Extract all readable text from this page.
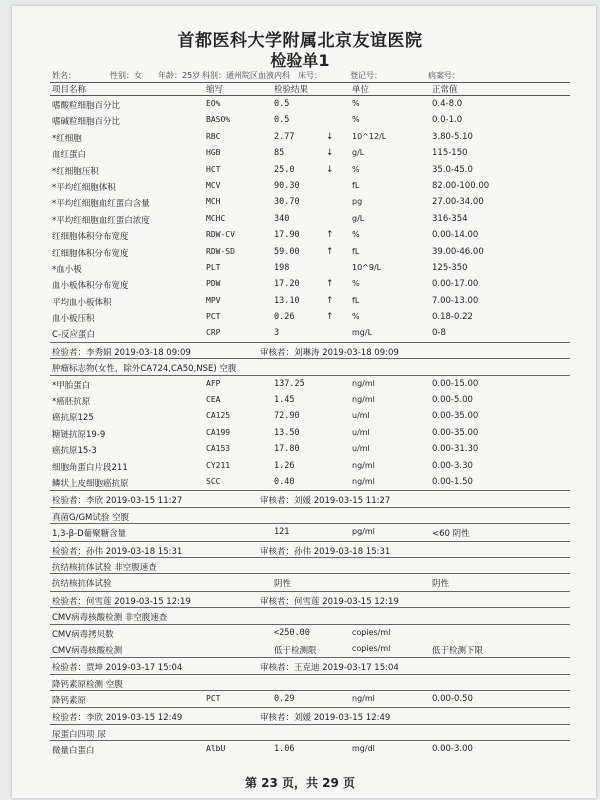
首都医科大学附属北京友谊医院
检验单1
姓名：	性别：女 年龄：25岁 科别：通州院区血液内科 床号：	登记号：	病案号：
项目名称	缩写	检验结果	单位	正常值
嗜酸粒细胞百分比	EO%	0.5	%	0.4-8.0
嗜碱粒细胞百分比	BASO%	0.5	%	0.0-1.0
*红细胞	RBC	2.77	↓ 10^12/L	3.80-5.10
血红蛋白	HGB	85	↓ g/L	115-150
*红细胞压积	HCT	25.0	↓ %	35.0-45.0
*平均红细胞体积	MCV	90.30	fL	82.00-100.00
*平均红细胞血红蛋白含量	MCH	30.70	pg	27.00-34.00
*平均红细胞血红蛋白浓度	MCHC	340	g/L	316-354
红细胞体积分布宽度	RDW-CV	17.90	↑ %	0.00-14.00
红细胞体积分布宽度	RDW-SD	59.00	↑ fL	39.00-46.00
*血小板	PLT	198	10^9/L	125-350
血小板体积分布宽度	PDW	17.20	↑ %	0.00-17.00
平均血小板体积	MPV	13.10	↑ fL	7.00-13.00
血小板压积	PCT	0.26	↑ %	0.18-0.22
C-反应蛋白	CRP	3	mg/L	0-8
检验者：李秀娟 2019-03-18 09:09	审核者：刘琳涛 2019-03-18 09:09
肿瘤标志物(女性，除外CA724,CA50,NSE) 空腹
*甲胎蛋白	AFP	137.25	ng/ml	0.00-15.00
*癌胚抗原	CEA	1.45	ng/ml	0.00-5.00
癌抗原125	CA125	72.90	u/ml	0.00-35.00
糖链抗原19-9	CA199	13.50	u/ml	0.00-35.00
癌抗原15-3	CA153	17.80	u/ml	0.00-31.30
细胞角蛋白片段211	CY211	1.26	ng/ml	0.00-3.30
鳞状上皮细胞癌抗原	SCC	0.40	ng/ml	0.00-1.50
检验者：李欣 2019-03-15 11:27	审核者：刘媛 2019-03-15 11:27
真菌G/GM试验 空腹
1,3-β-D葡聚糖含量	121	pg/ml	<60 阴性
检验者：孙伟 2019-03-18 15:31	审核者：孙伟 2019-03-18 15:31
抗结核抗体试验 非空腹速查
抗结核抗体试验	阴性	阴性
检验者：何雪莲 2019-03-15 12:19	审核者：何雪莲 2019-03-15 12:19
CMV病毒核酸检测 非空腹速查
CMV病毒拷贝数	<250.00	copies/ml
CMV病毒核酸检测	低于检测限	copies/ml	低于检测下限
检验者：贾坤 2019-03-17 15:04	审核者：王克迪 2019-03-17 15:04
降钙素原检测 空腹
降钙素原	PCT	0.29	ng/ml	0.00-0.50
检验者：李欣 2019-03-15 12:49	审核者：刘媛 2019-03-15 12:49
尿蛋白四项 尿
微量白蛋白	AlbU	1.06	mg/dl	0.00-3.00
第 23 页，共 29 页
